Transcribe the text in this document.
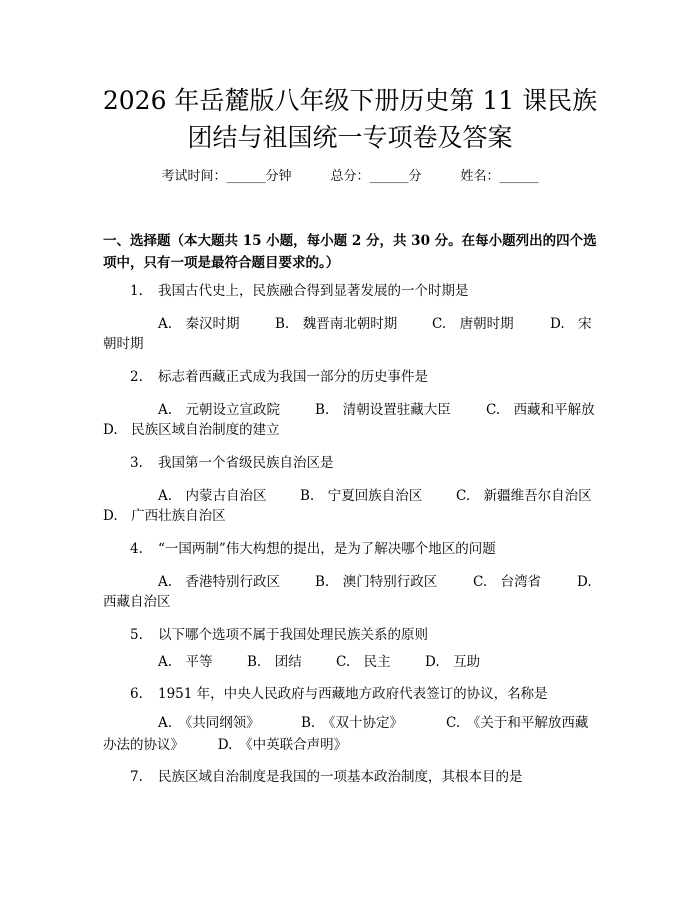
2026 年岳麓版八年级下册历史第 11 课民族
团结与祖国统一专项卷及答案
考试时间：______分钟　　　	总分：______分　　　	姓名：______
一、选择题（本大题共 15 小题，每小题 2 分，共 30 分。在每小题列出的四个选
项中，只有一项是最符合题目要求的。）
1. 我国古代史上，民族融合得到显著发展的一个时期是
A.　秦汉时期	B.　魏晋南北朝时期	C.　唐朝时期	D.　宋
朝时期
2. 标志着西藏正式成为我国一部分的历史事件是
A.　元朝设立宣政院	B.　清朝设置驻藏大臣	C.　西藏和平解放
D.　民族区域自治制度的建立
3. 我国第一个省级民族自治区是
A.　内蒙古自治区 B.　宁夏回族自治区	C.　新疆维吾尔自治区
D.　广西壮族自治区
4. “一国两制”伟大构想的提出，是为了解决哪个地区的问题
A.　香港特别行政区	B.　澳门特别行政区	C.　台湾省	D.
西藏自治区
5. 以下哪个选项不属于我国处理民族关系的原则
A.　平等	B.　团结	C.　民主	D.　互助
6. 1951 年，中央人民政府与西藏地方政府代表签订的协议，名称是
A.　《共同纲领》	B.　《双十协定》	C.　《关于和平解放西藏
办法的协议》　　　D.　《中英联合声明》
7. 民族区域自治制度是我国的一项基本政治制度，其根本目的是
